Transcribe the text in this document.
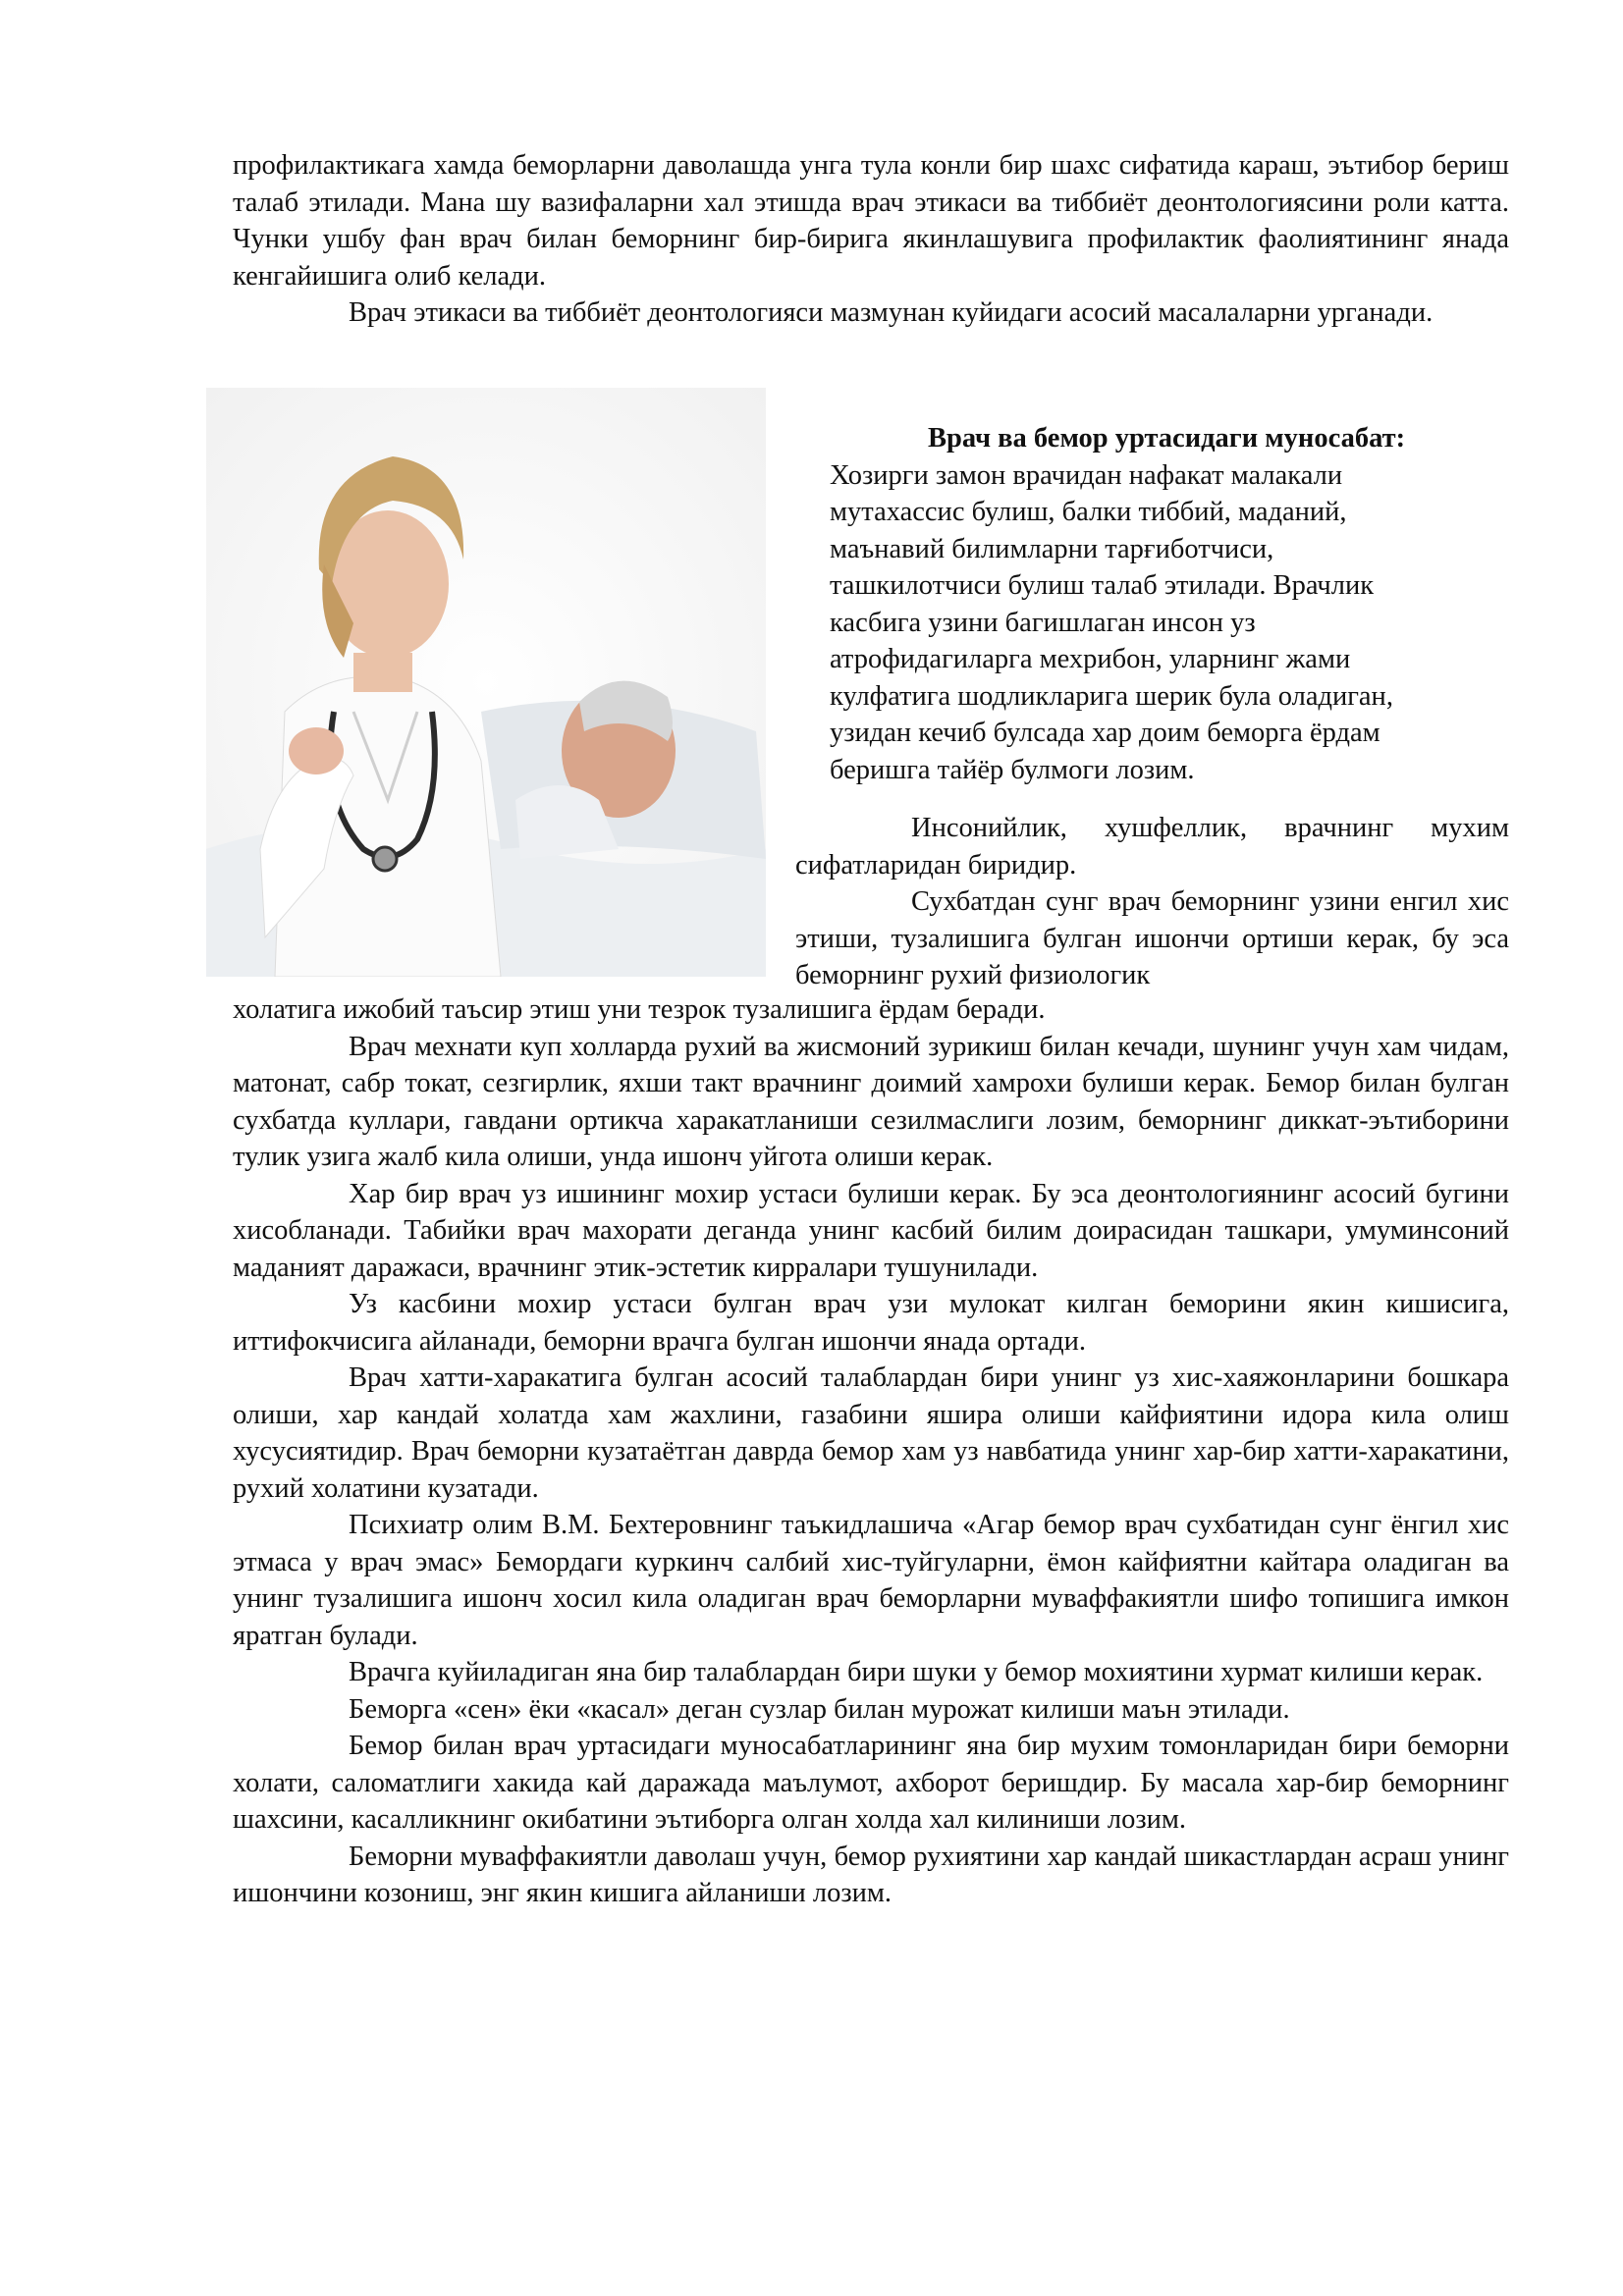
профилактикага хамда беморларни даволашда унга тула конли бир шахс сифатида караш, эътибор бериш талаб этилади. Мана шу вазифаларни хал этишда врач этикаси ва тиббиёт деонтологиясини роли катта. Чунки ушбу фан врач билан беморнинг бир-бирига якинлашувига профилактик фаолиятининг янада кенгайишига олиб келади.

Врач этикаси ва тиббиёт деонтологияси мазмунан куйидаги асосий масалаларни урганади.

Врач ва бемор уртасидаги муносабат:

Хозирги замон врачидан нафакат малакали
мутахассис булиш, балки тиббий, маданий,
маънавий билимларни тарғиботчиси,
ташкилотчиси булиш талаб этилади. Врачлик
касбига узини багишлаган инсон уз
атрофидагиларга мехрибон, уларнинг жами
кулфатига шодликларига шерик була оладиган,
узидан кечиб булсада хар доим беморга ёрдам
беришга тайёр булмоги лозим.

Инсонийлик, хушфеллик, врачнинг мухим сифатларидан биридир.

Сухбатдан сунг врач беморнинг узини енгил хис этиши, тузалишига булган ишончи ортиши керак, бу эса беморнинг рухий физиологик

холатига ижобий таъсир этиш уни тезрок тузалишига ёрдам беради.

Врач мехнати куп холларда рухий ва жисмоний зурикиш билан кечади, шунинг учун хам чидам, матонат, сабр токат, сезгирлик, яхши такт врачнинг доимий хамрохи булиши керак. Бемор билан булган сухбатда куллари, гавдани ортикча харакатланиши сезилмаслиги лозим, беморнинг диккат-эътиборини тулик узига жалб кила олиши, унда ишонч уйгота олиши керак.

Хар бир врач уз ишининг мохир устаси булиши керак. Бу эса деонтологиянинг асосий бугини хисобланади. Табийки врач махорати деганда унинг касбий билим доирасидан ташкари, умуминсоний маданият даражаси, врачнинг этик-эстетик кирралари тушунилади.

Уз касбини мохир устаси булган врач узи мулокат килган беморини якин кишисига, иттифокчисига айланади, беморни врачга булган ишончи янада ортади.

Врач хатти-харакатига булган асосий талаблардан бири унинг уз хис-хаяжонларини бошкара олиши, хар кандай холатда хам жахлини, газабини яшира олиши кайфиятини идора кила олиш хусусиятидир. Врач беморни кузатаётган даврда бемор хам уз навбатида унинг хар-бир хатти-харакатини, рухий холатини кузатади.

Психиатр олим В.М. Бехтеровнинг таъкидлашича «Агар бемор врач сухбатидан сунг ёнгил хис этмаса у врач эмас» Бемордаги куркинч салбий хис-туйгуларни, ёмон кайфиятни кайтара оладиган ва унинг тузалишига ишонч хосил кила оладиган врач беморларни муваффакиятли шифо топишига имкон яратган булади.

Врачга куйиладиган яна бир талаблардан бири шуки у бемор мохиятини хурмат килиши керак.

Беморга «сен» ёки «касал» деган сузлар билан мурожат килиши маън этилади.

Бемор билан врач уртасидаги муносабатларининг яна бир мухим томонларидан бири беморни холати, саломатлиги хакида кай даражада маълумот, ахборот беришдир. Бу масала хар-бир беморнинг шахсини, касалликнинг окибатини эътиборга олган холда хал килиниши лозим.

Беморни муваффакиятли даволаш учун, бемор рухиятини хар кандай шикастлардан асраш унинг ишончини козониш, энг якин кишига айланиши лозим.
